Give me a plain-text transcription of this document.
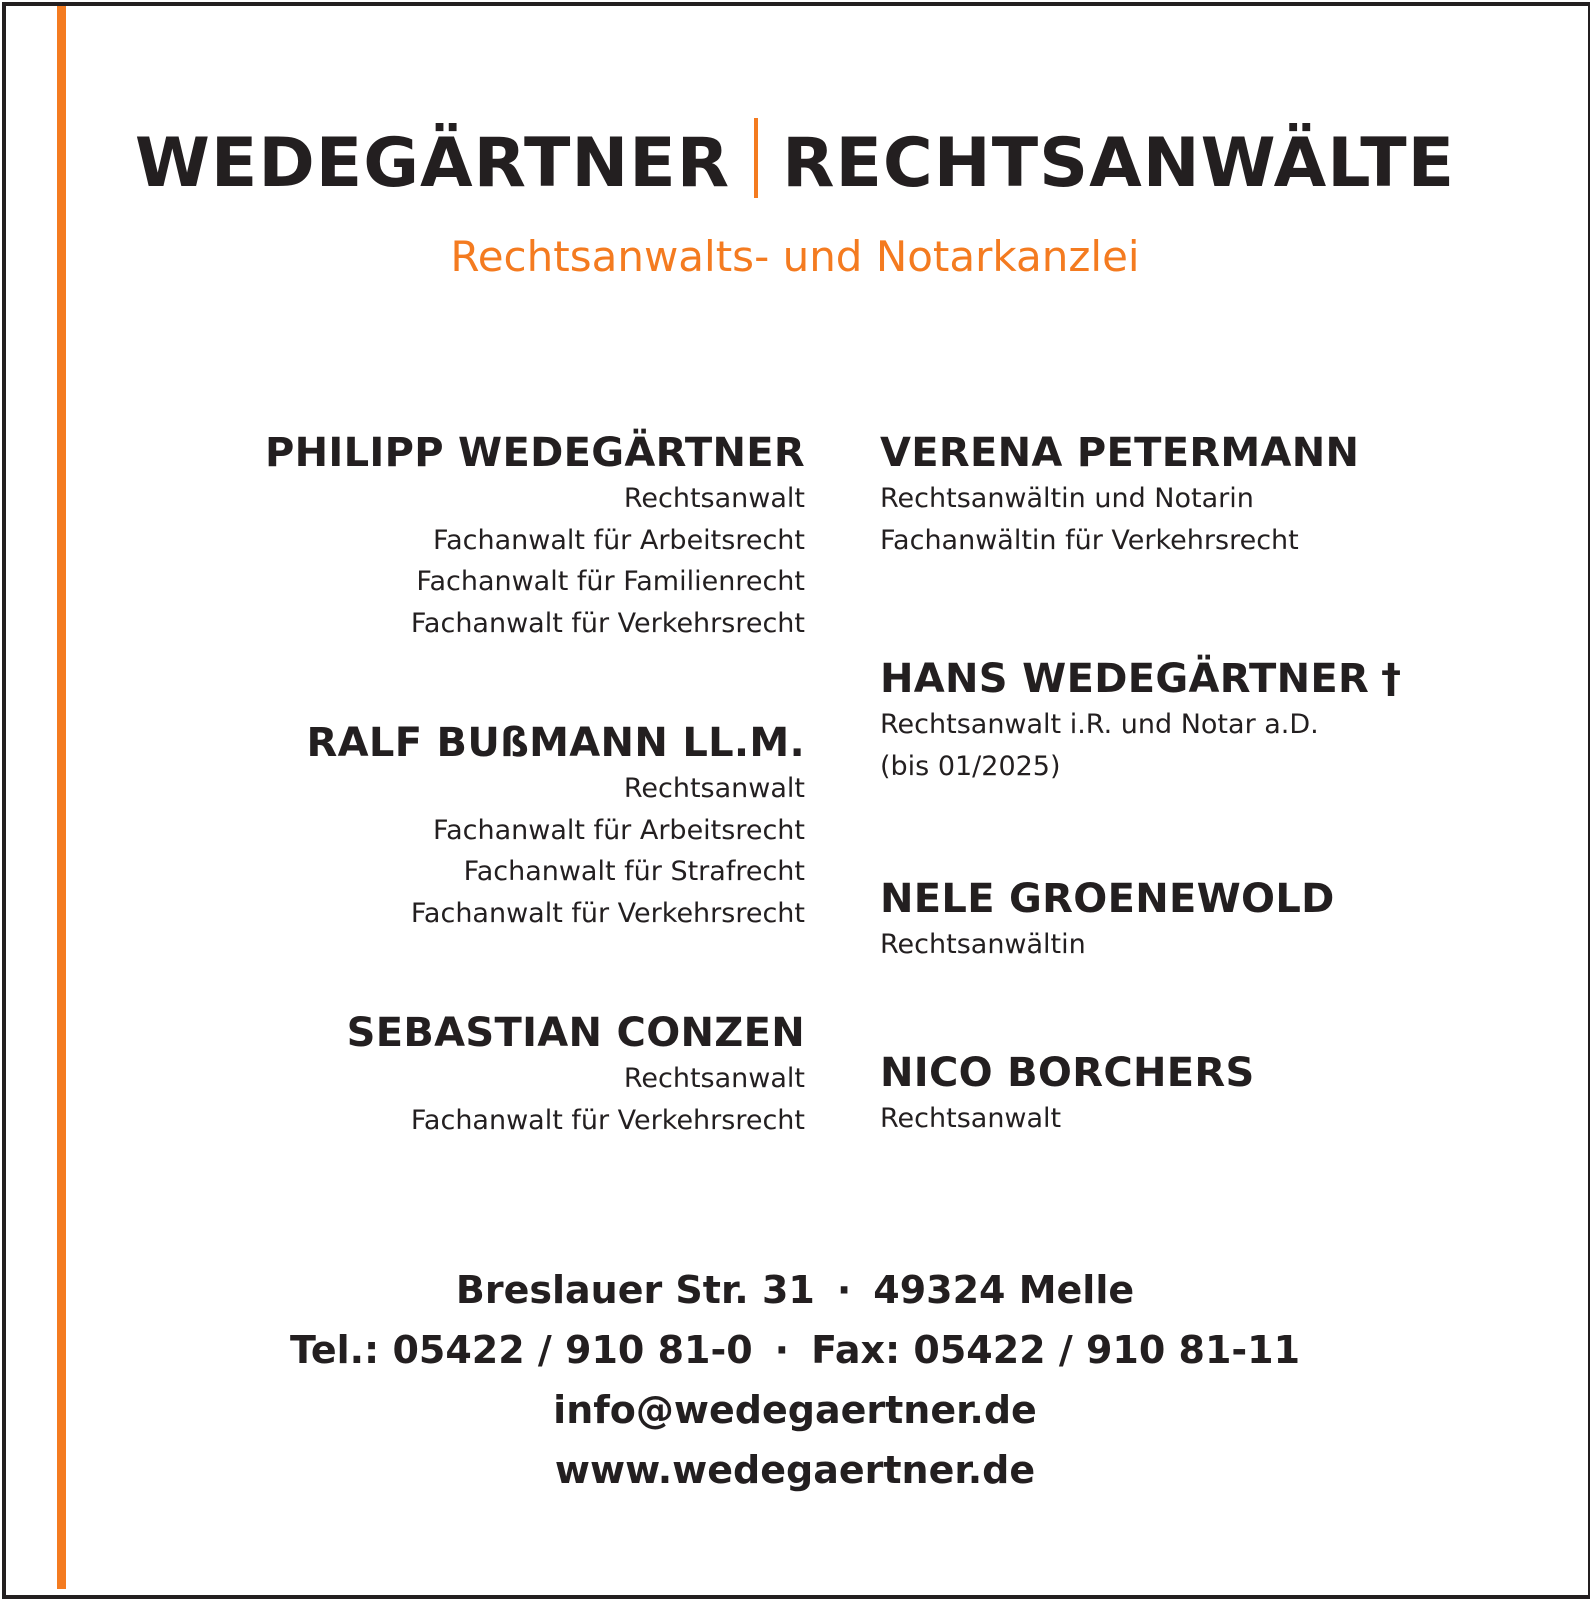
WEDEGÄRTNER RECHTSANWÄLTE
Rechtsanwalts- und Notarkanzlei
PHILIPP WEDEGÄRTNER
Rechtsanwalt
Fachanwalt für Arbeitsrecht
Fachanwalt für Familienrecht
Fachanwalt für Verkehrsrecht
RALF BUßMANN LL.M.
Rechtsanwalt
Fachanwalt für Arbeitsrecht
Fachanwalt für Strafrecht
Fachanwalt für Verkehrsrecht
SEBASTIAN CONZEN
Rechtsanwalt
Fachanwalt für Verkehrsrecht
VERENA PETERMANN
Rechtsanwältin und Notarin
Fachanwältin für Verkehrsrecht
HANS WEDEGÄRTNER †
Rechtsanwalt i.R. und Notar a.D.
(bis 01/2025)
NELE GROENEWOLD
Rechtsanwältin
NICO BORCHERS
Rechtsanwalt
Breslauer Str. 31 · 49324 Melle
Tel.: 05422 / 910 81-0 · Fax: 05422 / 910 81-11
info@wedegaertner.de
www.wedegaertner.de
